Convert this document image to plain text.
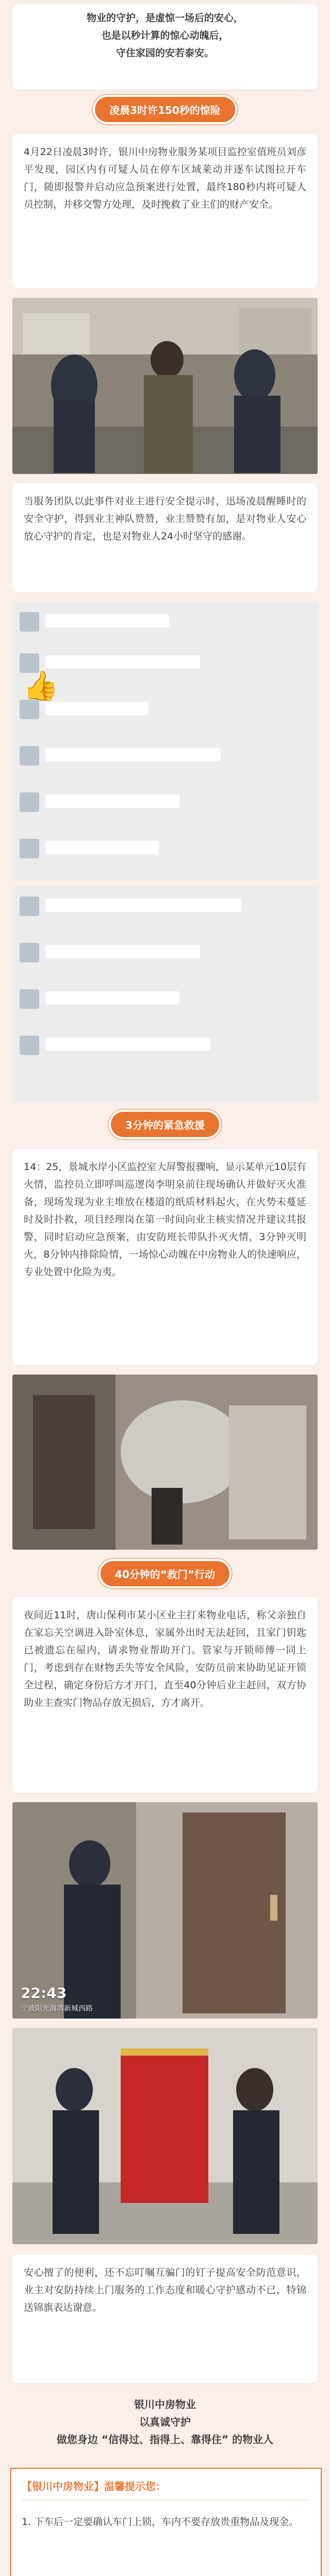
物业的守护，是虚惊一场后的安心，

也是以秒计算的惊心动魄后，

守住家园的安若泰安。

凌晨3时许150秒的惊险

4月22日凌晨3时许，银川中房物业服务某项目监控室值班员刘彦平发现，园区内有可疑人员在停车区域莱动并逐车试图拉开车门，随即报警并启动应急预案进行处置，最终180秒内将可疑人员控制，并移交警方处理，及时挽救了业主们的财产安全。

当服务团队以此事件对业主进行安全提示时，迅场凌晨醒睡时的安全守护，得到业主神队赞赞，业主赞赞有加，是对物业人安心放心守护的肯定，也是对物业人24小时坚守的感谢。

👍
3分钟的紧急救援

14：25，景城水岸小区监控室大屏警报骤响，显示某单元10层有火情，监控员立即呼叫巡逻岗李明泉前往现场确认并做好灭火准备，现场发现为业主堆放在楼道的纸质材料起火，在火势未蔓延时及时扑救，项目经理岗在第一时间向业主核实情况并建议其报警，同时启动应急预案，由安防班长带队扑灭火情，3分钟灭明火，8分钟内排除险情，一场惊心动魄在中房物业人的快速响应，专业处置中化险为夷。

40分钟的“救门”行动

夜间近11时，唐山保利市某小区业主打来物业电话，称父亲独自在家忘关空调进入卧室休息，家属外出时无法赶回，且家门钥匙已被遗忘在屋内，请求物业帮助开门。管家与开锁师傅一同上门，考虑到存在财物丢失等安全风险，安防员前来协助见证开锁全过程，确定身份后方才开门，直至40分钟后业主赶回，双方协助业主查实门物品存放无损后，方才离开。

22:43
宁波阳光海湾新城西路

安心擅了的便利，还不忘叮嘱互骗门的钉子提高安全防范意识，业主对安防持续上门服务的工作态度和暖心守护感动不已，特锦送锦旗表达谢意。

银川中房物业

以真诚守护

做您身边 “信得过、指得上、靠得住” 的物业人

【银川中房物业】温馨提示您：

1. 下车后一定要确认车门上锁，车内不要存放贵重物品及现金。
